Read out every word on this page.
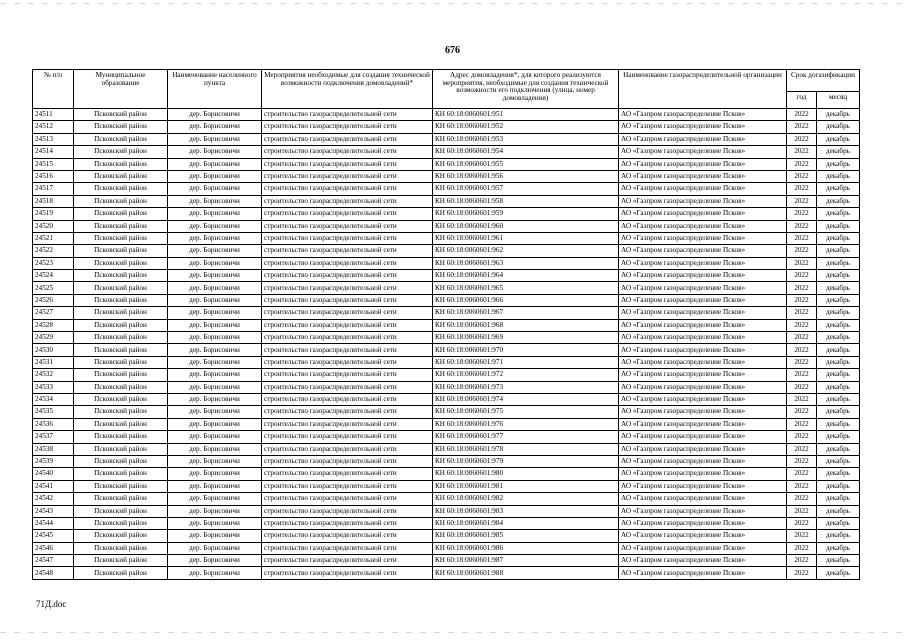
676
№ п/п	Муниципальное образование	Наименование населенного пункта	Мероприятия необходимые для создания технической возможности подключения домовладений*	Адрес домовладения*, для которого реализуются мероприятия, необходимые для создания технической возможности его подключения (улица, номер домовладения)	Наименование газораспределительной организации	Срок догазификации	
						год	месяц
24511	Псковский район	дер. Борисовичи	строительство газораспределительной сети	КН 60:18:0060601:951	АО «Газпром газораспределение Псков»	2022	декабрь
24512	Псковский район	дер. Борисовичи	строительство газораспределительной сети	КН 60:18:0060601:952	АО «Газпром газораспределение Псков»	2022	декабрь
24513	Псковский район	дер. Борисовичи	строительство газораспределительной сети	КН 60:18:0060601:953	АО «Газпром газораспределение Псков»	2022	декабрь
24514	Псковский район	дер. Борисовичи	строительство газораспределительной сети	КН 60:18:0060601:954	АО «Газпром газораспределение Псков»	2022	декабрь
24515	Псковский район	дер. Борисовичи	строительство газораспределительной сети	КН 60:18:0060601:955	АО «Газпром газораспределение Псков»	2022	декабрь
24516	Псковский район	дер. Борисовичи	строительство газораспределительной сети	КН 60:18:0060601:956	АО «Газпром газораспределение Псков»	2022	декабрь
24517	Псковский район	дер. Борисовичи	строительство газораспределительной сети	КН 60:18:0060601:957	АО «Газпром газораспределение Псков»	2022	декабрь
24518	Псковский район	дер. Борисовичи	строительство газораспределительной сети	КН 60:18:0060601:958	АО «Газпром газораспределение Псков»	2022	декабрь
24519	Псковский район	дер. Борисовичи	строительство газораспределительной сети	КН 60:18:0060601:959	АО «Газпром газораспределение Псков»	2022	декабрь
24520	Псковский район	дер. Борисовичи	строительство газораспределительной сети	КН 60:18:0060601:960	АО «Газпром газораспределение Псков»	2022	декабрь
24521	Псковский район	дер. Борисовичи	строительство газораспределительной сети	КН 60:18:0060601:961	АО «Газпром газораспределение Псков»	2022	декабрь
24522	Псковский район	дер. Борисовичи	строительство газораспределительной сети	КН 60:18:0060601:962	АО «Газпром газораспределение Псков»	2022	декабрь
24523	Псковский район	дер. Борисовичи	строительство газораспределительной сети	КН 60:18:0060601:963	АО «Газпром газораспределение Псков»	2022	декабрь
24524	Псковский район	дер. Борисовичи	строительство газораспределительной сети	КН 60:18:0060601:964	АО «Газпром газораспределение Псков»	2022	декабрь
24525	Псковский район	дер. Борисовичи	строительство газораспределительной сети	КН 60:18:0060601:965	АО «Газпром газораспределение Псков»	2022	декабрь
24526	Псковский район	дер. Борисовичи	строительство газораспределительной сети	КН 60:18:0060601:966	АО «Газпром газораспределение Псков»	2022	декабрь
24527	Псковский район	дер. Борисовичи	строительство газораспределительной сети	КН 60:18:0060601:967	АО «Газпром газораспределение Псков»	2022	декабрь
24528	Псковский район	дер. Борисовичи	строительство газораспределительной сети	КН 60:18:0060601:968	АО «Газпром газораспределение Псков»	2022	декабрь
24529	Псковский район	дер. Борисовичи	строительство газораспределительной сети	КН 60:18:0060601:969	АО «Газпром газораспределение Псков»	2022	декабрь
24530	Псковский район	дер. Борисовичи	строительство газораспределительной сети	КН 60:18:0060601:970	АО «Газпром газораспределение Псков»	2022	декабрь
24531	Псковский район	дер. Борисовичи	строительство газораспределительной сети	КН 60:18:0060601:971	АО «Газпром газораспределение Псков»	2022	декабрь
24532	Псковский район	дер. Борисовичи	строительство газораспределительной сети	КН 60:18:0060601:972	АО «Газпром газораспределение Псков»	2022	декабрь
24533	Псковский район	дер. Борисовичи	строительство газораспределительной сети	КН 60:18:0060601:973	АО «Газпром газораспределение Псков»	2022	декабрь
24534	Псковский район	дер. Борисовичи	строительство газораспределительной сети	КН 60:18:0060601:974	АО «Газпром газораспределение Псков»	2022	декабрь
24535	Псковский район	дер. Борисовичи	строительство газораспределительной сети	КН 60:18:0060601:975	АО «Газпром газораспределение Псков»	2022	декабрь
24536	Псковский район	дер. Борисовичи	строительство газораспределительной сети	КН 60:18:0060601:976	АО «Газпром газораспределение Псков»	2022	декабрь
24537	Псковский район	дер. Борисовичи	строительство газораспределительной сети	КН 60:18:0060601:977	АО «Газпром газораспределение Псков»	2022	декабрь
24538	Псковский район	дер. Борисовичи	строительство газораспределительной сети	КН 60:18:0060601:978	АО «Газпром газораспределение Псков»	2022	декабрь
24539	Псковский район	дер. Борисовичи	строительство газораспределительной сети	КН 60:18:0060601:979	АО «Газпром газораспределение Псков»	2022	декабрь
24540	Псковский район	дер. Борисовичи	строительство газораспределительной сети	КН 60:18:0060601:980	АО «Газпром газораспределение Псков»	2022	декабрь
24541	Псковский район	дер. Борисовичи	строительство газораспределительной сети	КН 60:18:0060601:981	АО «Газпром газораспределение Псков»	2022	декабрь
24542	Псковский район	дер. Борисовичи	строительство газораспределительной сети	КН 60:18:0060601:982	АО «Газпром газораспределение Псков»	2022	декабрь
24543	Псковский район	дер. Борисовичи	строительство газораспределительной сети	КН 60:18:0060601:983	АО «Газпром газораспределение Псков»	2022	декабрь
24544	Псковский район	дер. Борисовичи	строительство газораспределительной сети	КН 60:18:0060601:984	АО «Газпром газораспределение Псков»	2022	декабрь
24545	Псковский район	дер. Борисовичи	строительство газораспределительной сети	КН 60:18:0060601:985	АО «Газпром газораспределение Псков»	2022	декабрь
24546	Псковский район	дер. Борисовичи	строительство газораспределительной сети	КН 60:18:0060601:986	АО «Газпром газораспределение Псков»	2022	декабрь
24547	Псковский район	дер. Борисовичи	строительство газораспределительной сети	КН 60:18:0060601:987	АО «Газпром газораспределение Псков»	2022	декабрь
24548	Псковский район	дер. Борисовичи	строительство газораспределительной сети	КН 60:18:0060601:988	АО «Газпром газораспределение Псков»	2022	декабрь
71Д.doc
